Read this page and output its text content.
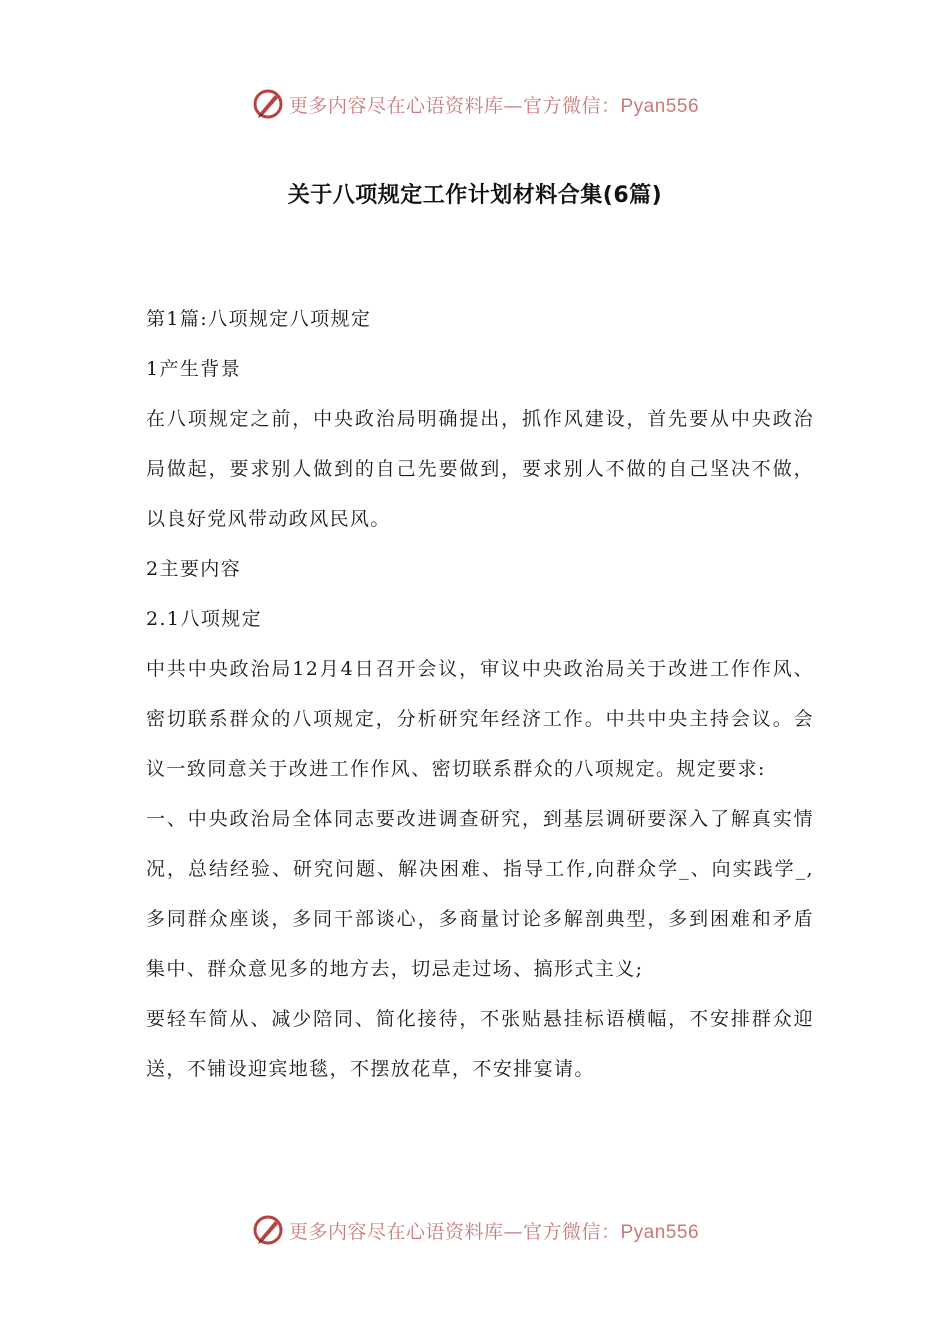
更多内容尽在心语资料库—官方微信：Pyan556
关于八项规定工作计划材料合集(6篇)

第1篇:八项规定八项规定

1产生背景

在八项规定之前，中央政治局明确提出，抓作风建设，首先要从中央政治局做起，要求别人做到的自己先要做到，要求别人不做的自己坚决不做，以良好党风带动政风民风。

2主要内容

2.1八项规定

中共中央政治局12月4日召开会议，审议中央政治局关于改进工作作风、密切联系群众的八项规定，分析研究年经济工作。中共中央主持会议。会议一致同意关于改进工作作风、密切联系群众的八项规定。规定要求:

一、中央政治局全体同志要改进调查研究，到基层调研要深入了解真实情况，总结经验、研究问题、解决困难、指导工作,向群众学_、向实践学_,多同群众座谈，多同干部谈心，多商量讨论多解剖典型，多到困难和矛盾集中、群众意见多的地方去，切忌走过场、搞形式主义;

要轻车简从、减少陪同、简化接待，不张贴悬挂标语横幅，不安排群众迎送，不铺设迎宾地毯，不摆放花草，不安排宴请。

更多内容尽在心语资料库—官方微信：Pyan556
